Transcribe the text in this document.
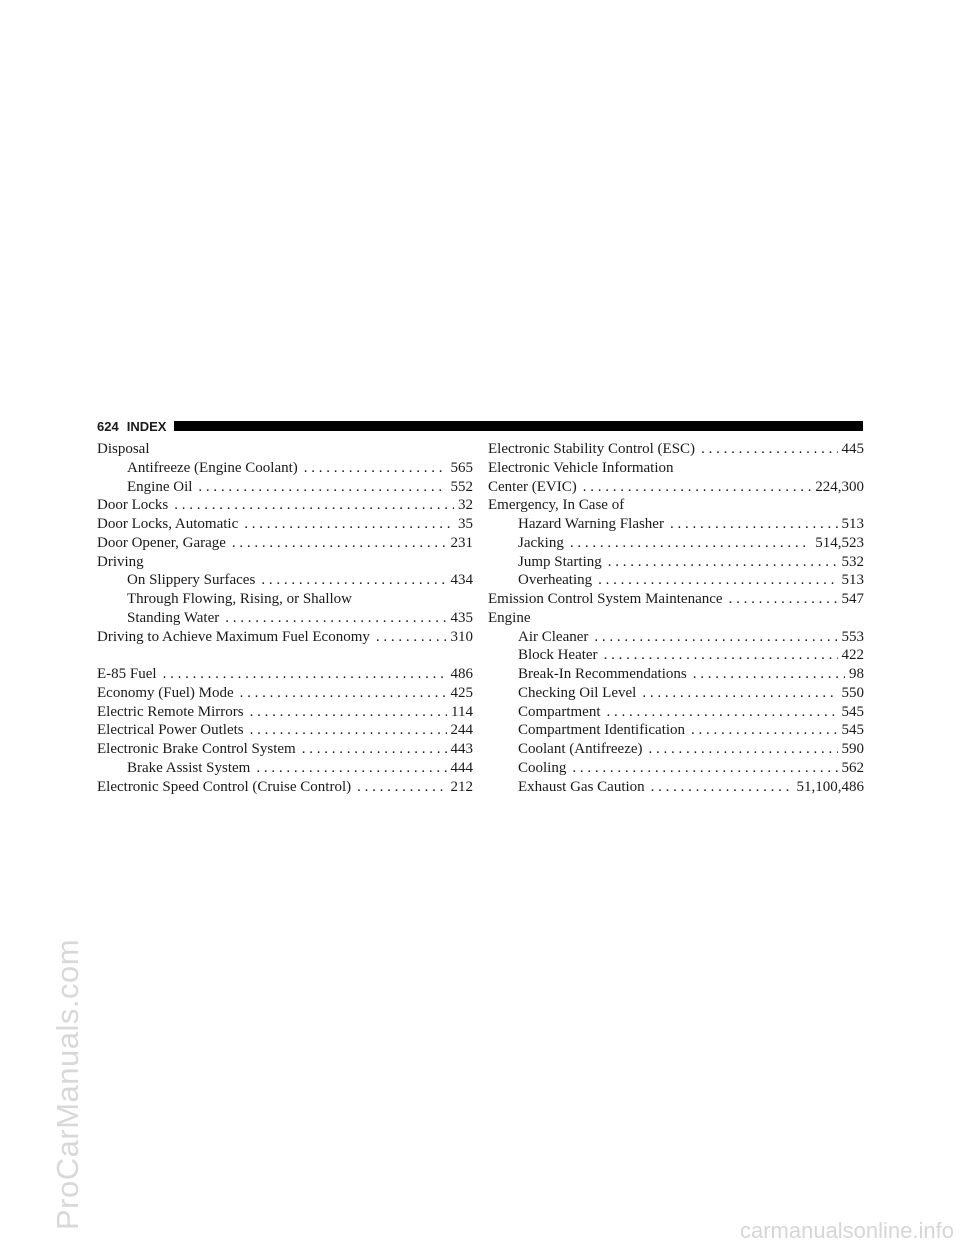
ProCarManuals.com
carmanualsonline.info
624 INDEX
Disposal
Antifreeze (Engine Coolant) . . .	565
Engine Oil . . .	552
Door Locks . . .	32
Door Locks, Automatic . . .	35
Door Opener, Garage . . .	231
Driving
On Slippery Surfaces . . .	434
Through Flowing, Rising, or Shallow
Standing Water . . .	435
Driving to Achieve Maximum Fuel Economy . . .	310
E-85 Fuel . . .	486
Economy (Fuel) Mode . . .	425
Electric Remote Mirrors . . .	114
Electrical Power Outlets . . .	244
Electronic Brake Control System . . .	443
Brake Assist System . . .	444
Electronic Speed Control (Cruise Control) . . .	212
Electronic Stability Control (ESC) . . .	445
Electronic Vehicle Information
Center (EVIC) . . .	224,300
Emergency, In Case of
Hazard Warning Flasher . . .	513
Jacking . . .	514,523
Jump Starting . . .	532
Overheating . . .	513
Emission Control System Maintenance . . .	547
Engine
Air Cleaner . . .	553
Block Heater . . .	422
Break-In Recommendations . . .	98
Checking Oil Level . . .	550
Compartment . . .	545
Compartment Identification . . .	545
Coolant (Antifreeze) . . .	590
Cooling . . .	562
Exhaust Gas Caution . . .	51,100,486
